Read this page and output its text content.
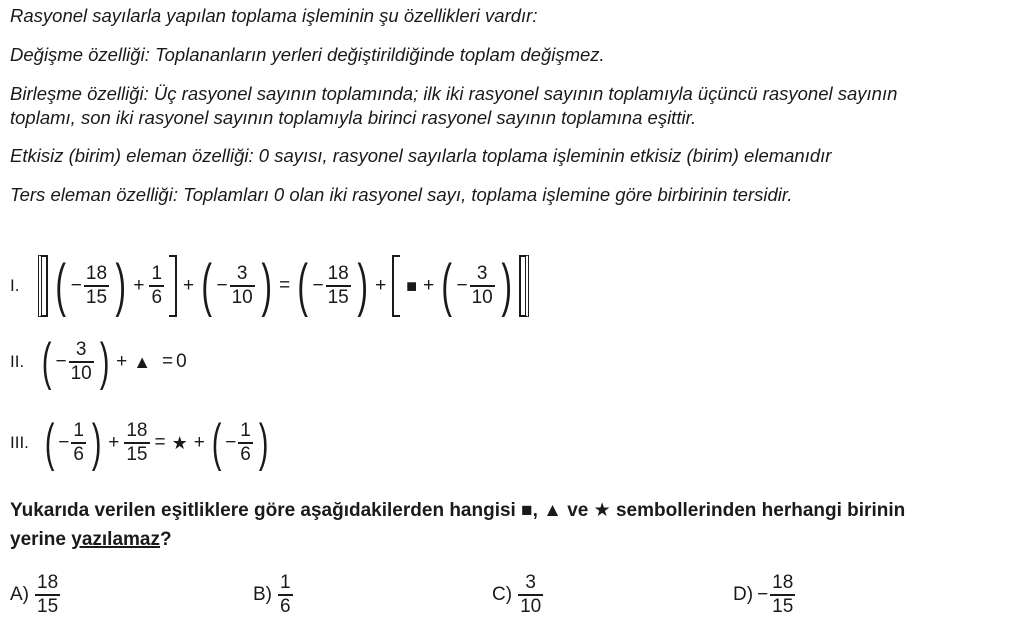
Rasyonel sayılarla yapılan toplama işleminin şu özellikleri vardır:

Değişme özelliği: Toplananların yerleri değiştirildiğinde toplam değişmez.

Birleşme özelliği: Üç rasyonel sayının toplamında; ilk iki rasyonel sayının toplamıyla üçüncü rasyonel sayının
toplamı, son iki rasyonel sayının toplamıyla birinci rasyonel sayının toplamına eşittir.

Etkisiz (birim) eleman özelliği: 0 sayısı, rasyonel sayılarla toplama işleminin etkisiz (birim) elemanıdır

Ters eleman özelliği: Toplamları 0 olan iki rasyonel sayı, toplama işlemine göre birbirinin tersidir.

I. ( − $\frac{18}{15}$ ) + $\frac{1}{6}$ + ( − $\frac{3}{10}$ ) = ( − $\frac{18}{15}$ ) + ■ + ( − $\frac{3}{10}$ )
II. ( − $\frac{3}{10}$ ) + ▲ = 0
III. ( − $\frac{1}{6}$ ) + $\frac{18}{15}$ = ★ + ( − $\frac{1}{6}$ )
Yukarıda verilen eşitliklere göre aşağıdakilerden hangisi ■, ▲ ve ★ sembollerinden herhangi birinin
yerine yazılamaz?
$A) \frac{18}{15}$	$B) \frac{1}{6}$	$C) \frac{3}{10}$	$D) - \frac{18}{15}$
